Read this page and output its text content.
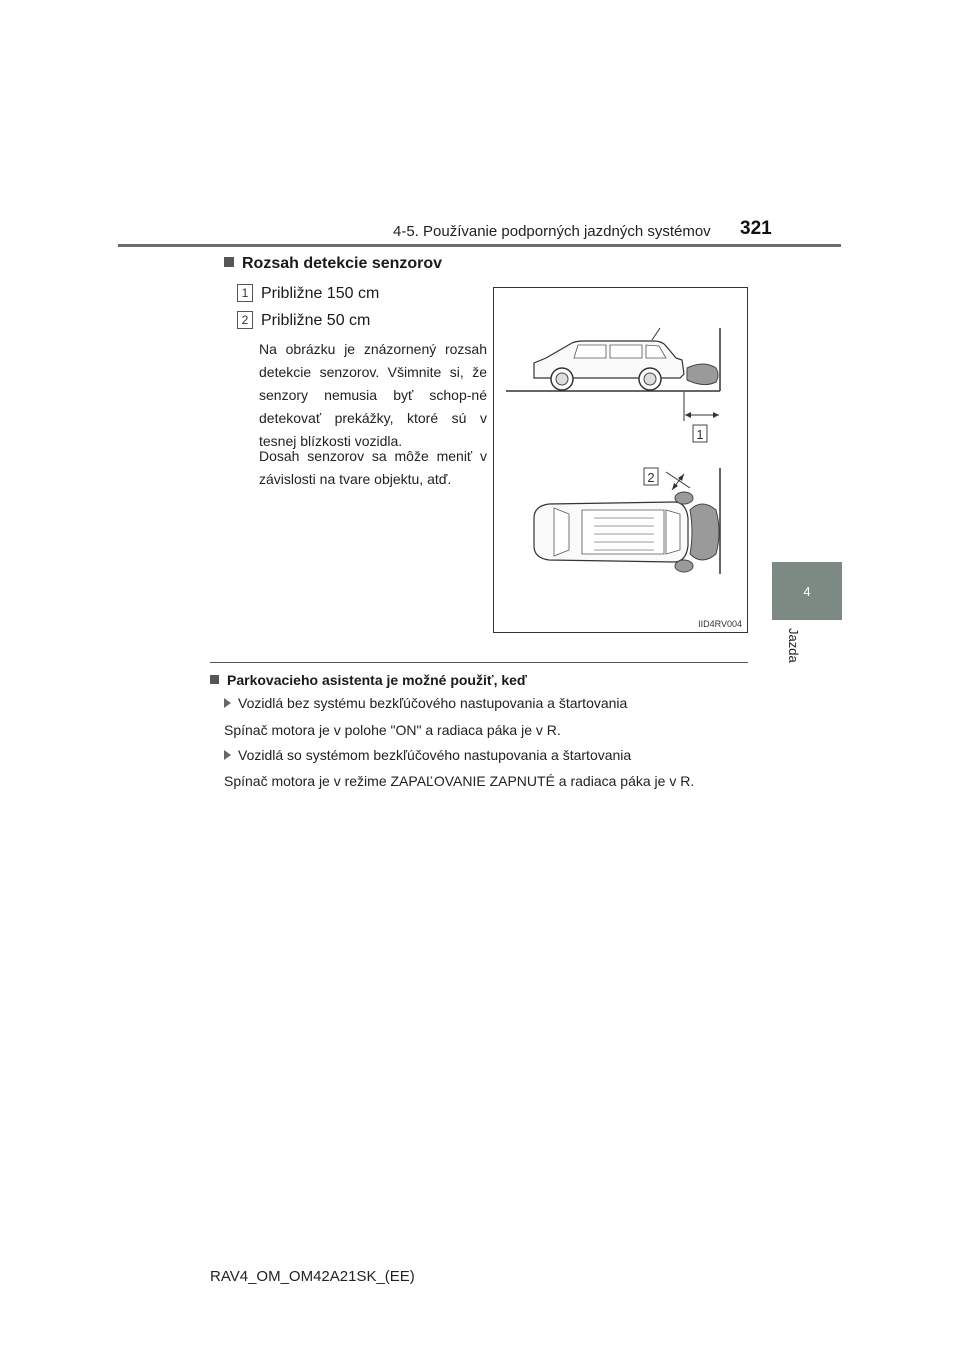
4-5. Používanie podporných jazdných systémov 321
4
Jazda
Rozsah detekcie senzorov
1 Približne 150 cm
2 Približne 50 cm
Na obrázku je znázornený rozsah detekcie senzorov. Všimnite si, že senzory nemusia byť schop-né detekovať prekážky, ktoré sú v tesnej blízkosti vozidla.
Dosah senzorov sa môže meniť v závislosti na tvare objektu, atď.
1
2
IID4RV004
Parkovacieho asistenta je možné použiť, keď
Vozidlá bez systému bezkľúčového nastupovania a štartovania
Spínač motora je v polohe "ON" a radiaca páka je v R.
Vozidlá so systémom bezkľúčového nastupovania a štartovania
Spínač motora je v režime ZAPAĽOVANIE ZAPNUTÉ a radiaca páka je v R.
RAV4_OM_OM42A21SK_(EE)
